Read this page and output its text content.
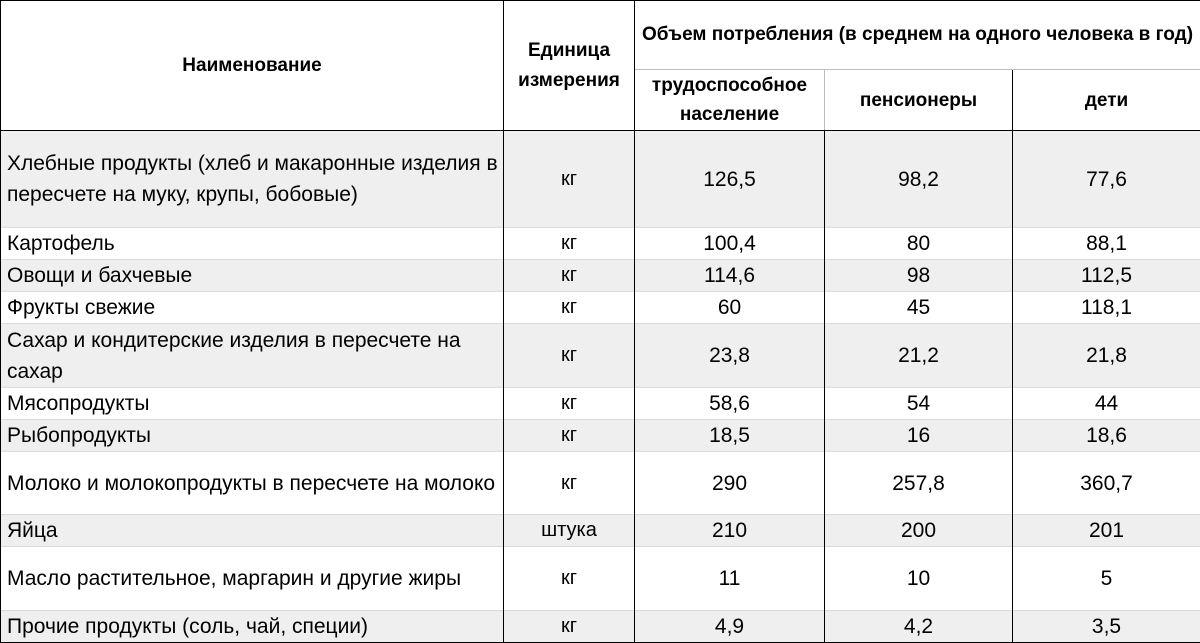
Наименование	Единица измерения	Объем потребления (в среднем на одного человека в год)		
		трудоспособное население	пенсионеры	дети
Хлебные продукты (хлеб и макаронные изделия в пересчете на муку, крупы, бобовые)	кг	126,5	98,2	77,6
Картофель	кг	100,4	80	88,1
Овощи и бахчевые	кг	114,6	98	112,5
Фрукты свежие	кг	60	45	118,1
Сахар и кондитерские изделия в пересчете на сахар	кг	23,8	21,2	21,8
Мясопродукты	кг	58,6	54	44
Рыбопродукты	кг	18,5	16	18,6
Молоко и молокопродукты в пересчете на молоко	кг	290	257,8	360,7
Яйца	штука	210	200	201
Масло растительное, маргарин и другие жиры	кг	11	10	5
Прочие продукты (соль, чай, специи)	кг	4,9	4,2	3,5
